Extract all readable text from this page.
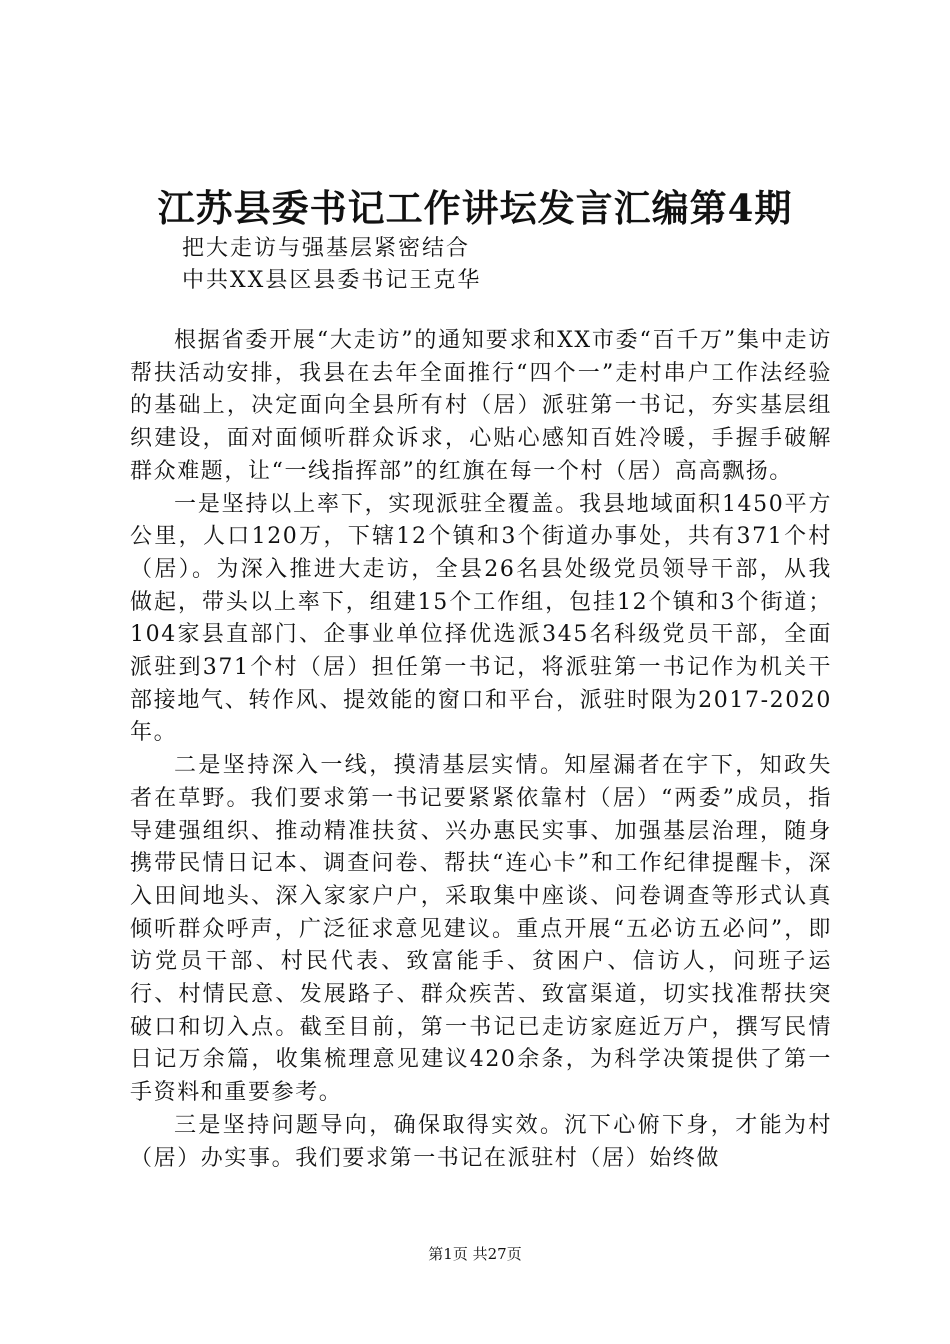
江苏县委书记工作讲坛发言汇编第4期

把大走访与强基层紧密结合

中共XX县区县委书记王克华

根据省委开展“大走访”的通知要求和XX市委“百千万”集中走访帮扶活动安排，我县在去年全面推行“四个一”走村串户工作法经验的基础上，决定面向全县所有村（居）派驻第一书记，夯实基层组织建设，面对面倾听群众诉求，心贴心感知百姓冷暖，手握手破解群众难题，让“一线指挥部”的红旗在每一个村（居）高高飘扬。

一是坚持以上率下，实现派驻全覆盖。我县地域面积1450平方公里，人口120万，下辖12个镇和3个街道办事处，共有371个村（居）。为深入推进大走访，全县26名县处级党员领导干部，从我做起，带头以上率下，组建15个工作组，包挂12个镇和3个街道；104家县直部门、企事业单位择优选派345名科级党员干部，全面派驻到371个村（居）担任第一书记，将派驻第一书记作为机关干部接地气、转作风、提效能的窗口和平台，派驻时限为2017-2020年。

二是坚持深入一线，摸清基层实情。知屋漏者在宇下，知政失者在草野。我们要求第一书记要紧紧依靠村（居）“两委”成员，指导建强组织、推动精准扶贫、兴办惠民实事、加强基层治理，随身携带民情日记本、调查问卷、帮扶“连心卡”和工作纪律提醒卡，深入田间地头、深入家家户户，采取集中座谈、问卷调查等形式认真倾听群众呼声，广泛征求意见建议。重点开展“五必访五必问”，即访党员干部、村民代表、致富能手、贫困户、信访人，问班子运行、村情民意、发展路子、群众疾苦、致富渠道，切实找准帮扶突破口和切入点。截至目前，第一书记已走访家庭近万户，撰写民情日记万余篇，收集梳理意见建议420余条，为科学决策提供了第一手资料和重要参考。

三是坚持问题导向，确保取得实效。沉下心俯下身，才能为村（居）办实事。我们要求第一书记在派驻村（居）始终做

第1页 共27页
